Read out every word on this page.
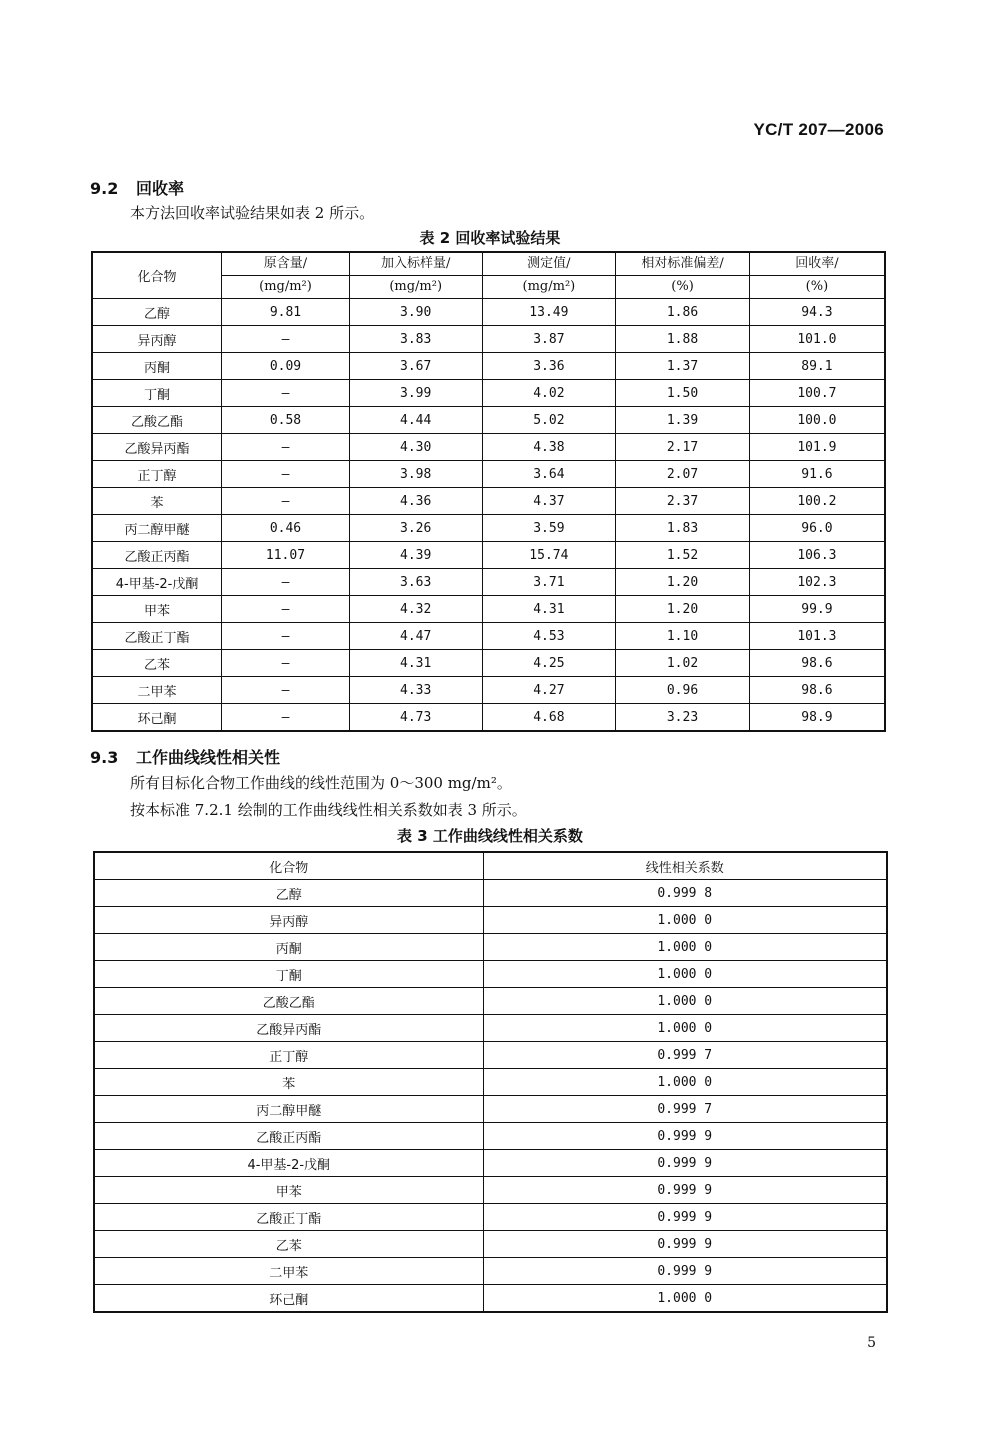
YC/T 207—2006
9.2 回收率
本方法回收率试验结果如表 2 所示。
表 2 回收率试验结果
化合物	原含量/	加入标样量/	测定值/	相对标准偏差/	回收率/
	(mg/m²)	(mg/m²)	(mg/m²)	(%)	(%)
乙醇	9.81	3.90	13.49	1.86	94.3
异丙醇	—	3.83	3.87	1.88	101.0
丙酮	0.09	3.67	3.36	1.37	89.1
丁酮	—	3.99	4.02	1.50	100.7
乙酸乙酯	0.58	4.44	5.02	1.39	100.0
乙酸异丙酯	—	4.30	4.38	2.17	101.9
正丁醇	—	3.98	3.64	2.07	91.6
苯	—	4.36	4.37	2.37	100.2
丙二醇甲醚	0.46	3.26	3.59	1.83	96.0
乙酸正丙酯	11.07	4.39	15.74	1.52	106.3
4-甲基-2-戊酮	—	3.63	3.71	1.20	102.3
甲苯	—	4.32	4.31	1.20	99.9
乙酸正丁酯	—	4.47	4.53	1.10	101.3
乙苯	—	4.31	4.25	1.02	98.6
二甲苯	—	4.33	4.27	0.96	98.6
环己酮	—	4.73	4.68	3.23	98.9
9.3 工作曲线线性相关性
所有目标化合物工作曲线的线性范围为 0～300 mg/m²。
按本标准 7.2.1 绘制的工作曲线线性相关系数如表 3 所示。
表 3 工作曲线线性相关系数
化合物	线性相关系数
乙醇	0.999 8
异丙醇	1.000 0
丙酮	1.000 0
丁酮	1.000 0
乙酸乙酯	1.000 0
乙酸异丙酯	1.000 0
正丁醇	0.999 7
苯	1.000 0
丙二醇甲醚	0.999 7
乙酸正丙酯	0.999 9
4-甲基-2-戊酮	0.999 9
甲苯	0.999 9
乙酸正丁酯	0.999 9
乙苯	0.999 9
二甲苯	0.999 9
环己酮	1.000 0
5
